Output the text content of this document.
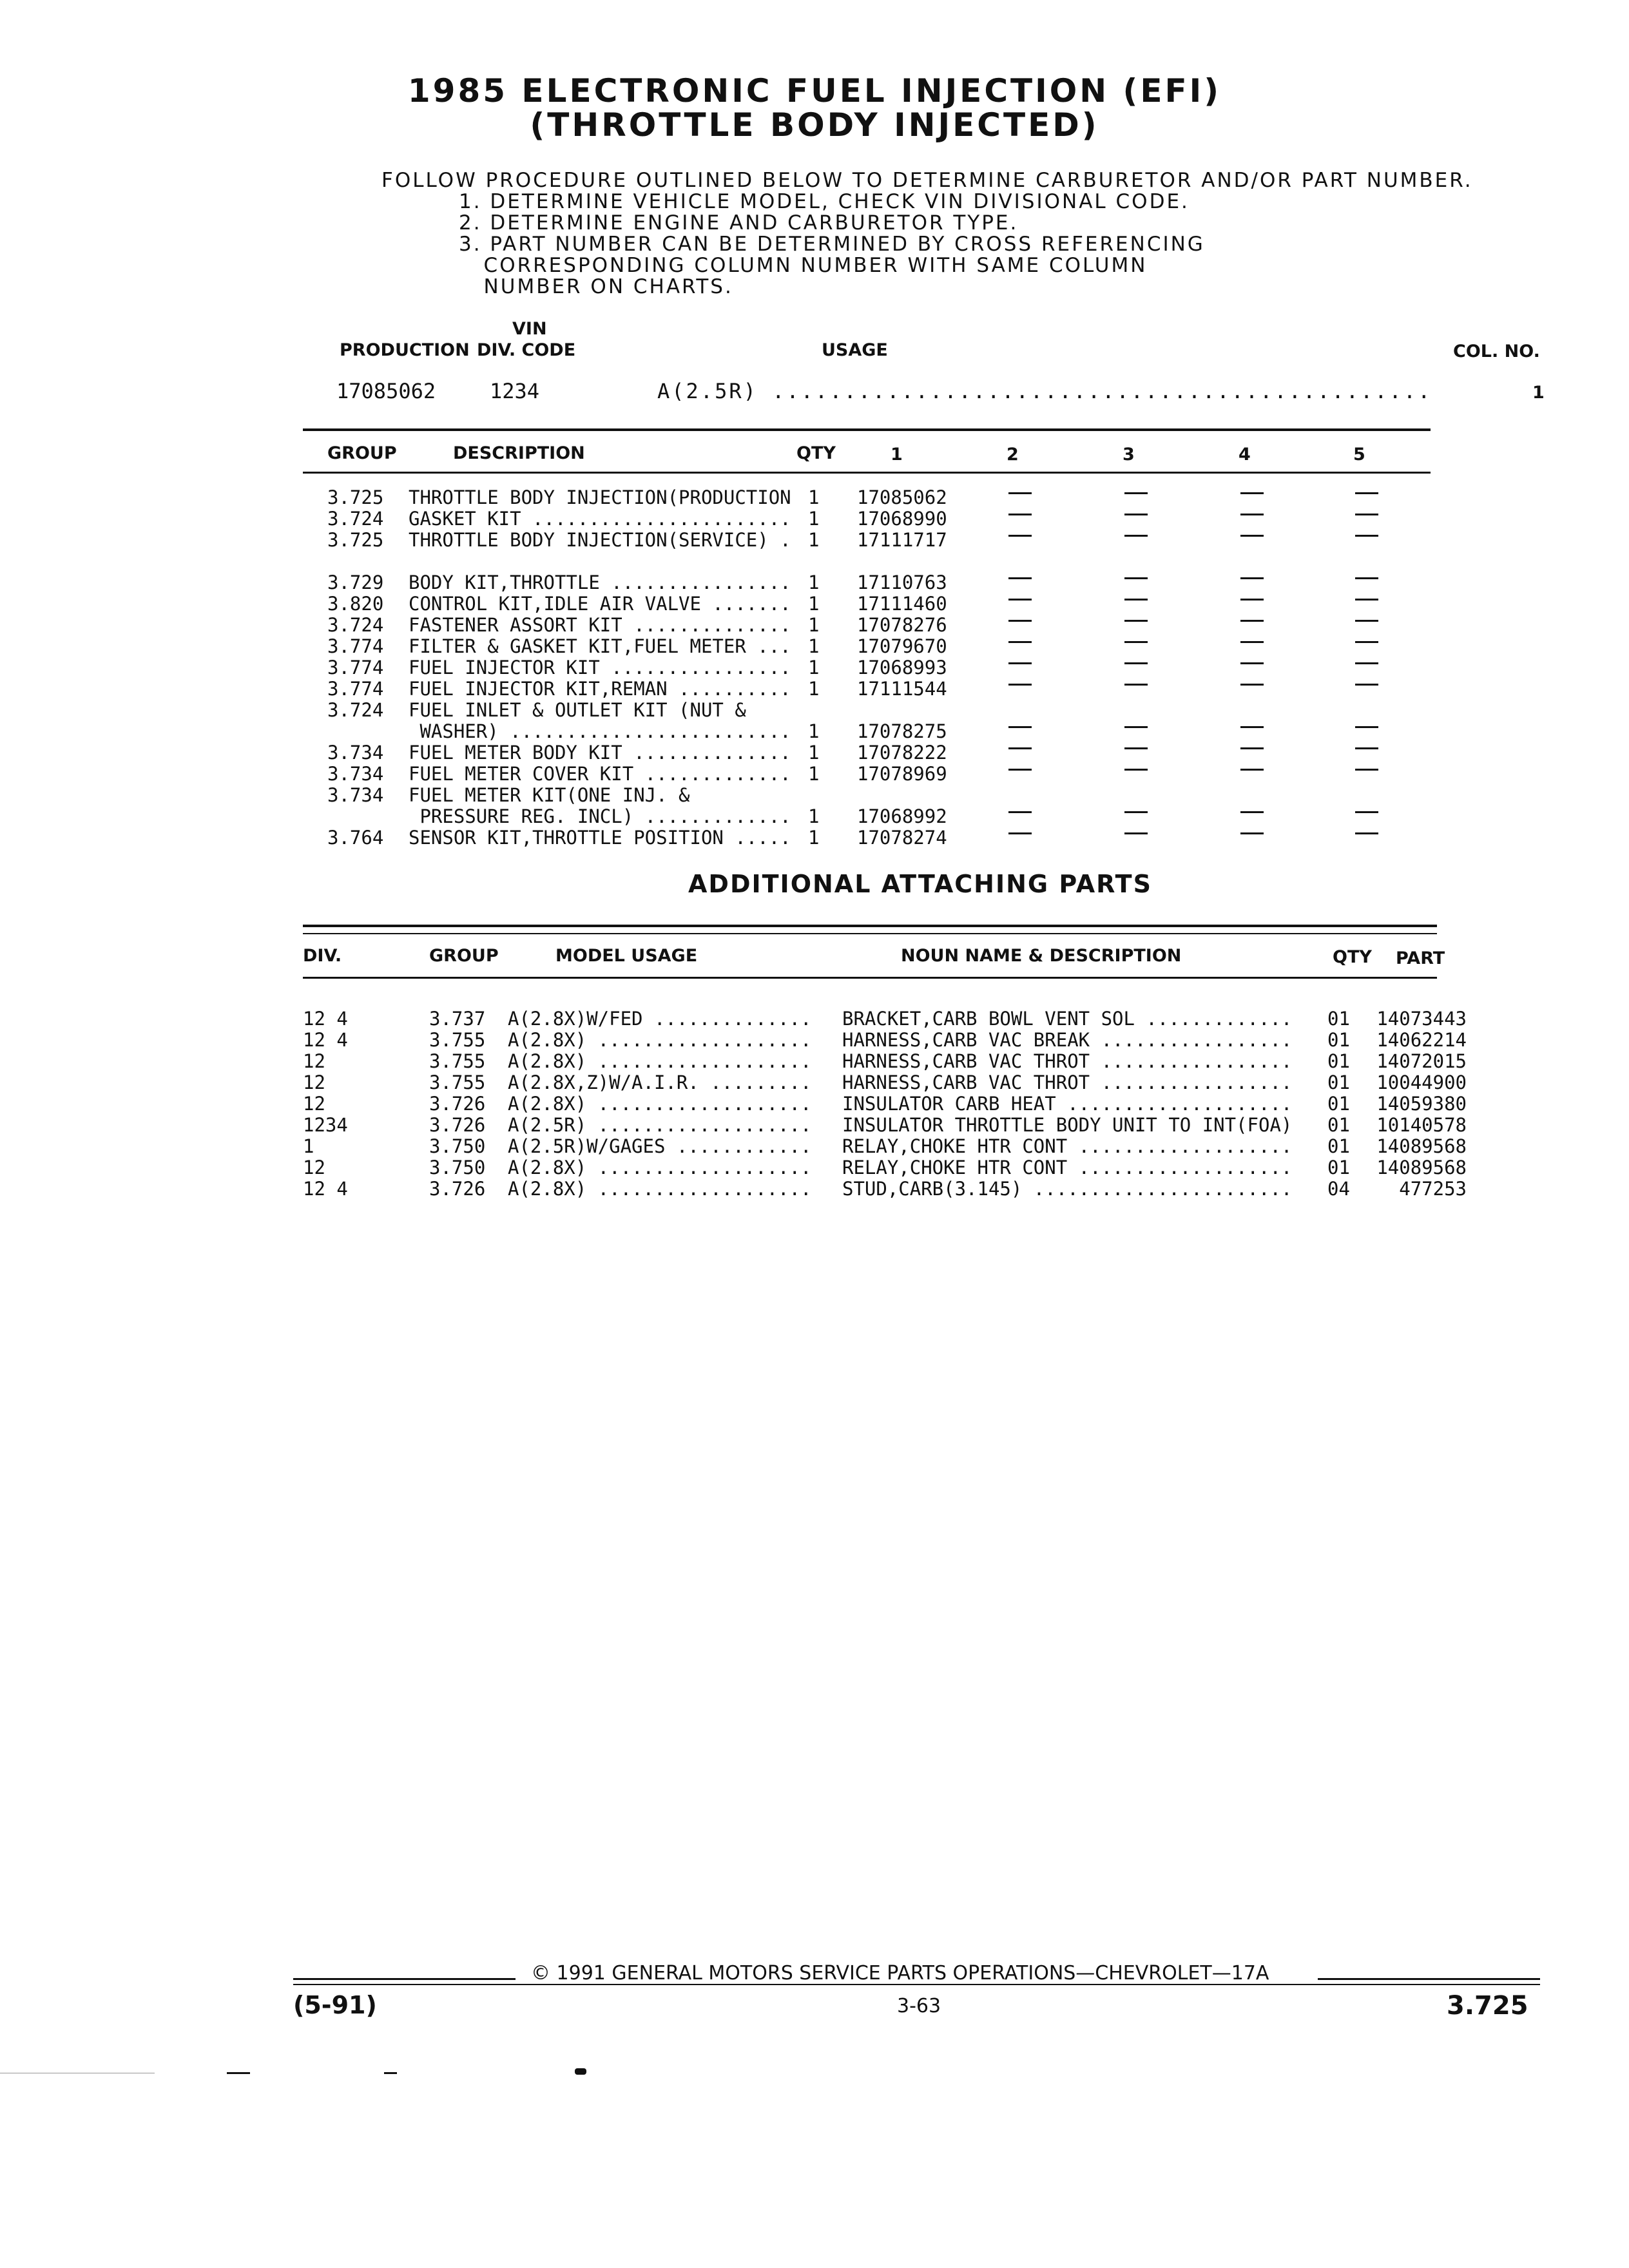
1985 ELECTRONIC FUEL INJECTION (EFI)
(THROTTLE BODY INJECTED)
FOLLOW PROCEDURE OUTLINED BELOW TO DETERMINE CARBURETOR AND/OR PART NUMBER.
1. DETERMINE VEHICLE MODEL, CHECK VIN DIVISIONAL CODE.
2. DETERMINE ENGINE AND CARBURETOR TYPE.
3. PART NUMBER CAN BE DETERMINED BY CROSS REFERENCING
CORRESPONDING COLUMN NUMBER WITH SAME COLUMN
NUMBER ON CHARTS.
VIN
PRODUCTION DIV. CODE	USAGE	COL. NO.
17085062	1234	A(2.5R) ..............................................	1
GROUP	DESCRIPTION	QTY	1	2	3	4	5
3.725 THROTTLE BODY INJECTION(PRODUCTION 1 17085062
3.724 GASKET KIT ....................... 1 17068990
3.725 THROTTLE BODY INJECTION(SERVICE) . 1 17111717
3.729 BODY KIT,THROTTLE ................ 1 17110763
3.820 CONTROL KIT,IDLE AIR VALVE ....... 1 17111460
3.724 FASTENER ASSORT KIT .............. 1 17078276
3.774 FILTER & GASKET KIT,FUEL METER ... 1 17079670
3.774 FUEL INJECTOR KIT ................ 1 17068993
3.774 FUEL INJECTOR KIT,REMAN .......... 1 17111544
3.724 FUEL INLET & OUTLET KIT (NUT &
WASHER) ......................... 1 17078275
3.734 FUEL METER BODY KIT .............. 1 17078222
3.734 FUEL METER COVER KIT ............. 1 17078969
3.734 FUEL METER KIT(ONE INJ. &
PRESSURE REG. INCL) ............. 1 17068992
3.764 SENSOR KIT,THROTTLE POSITION ..... 1 17078274
ADDITIONAL ATTACHING PARTS
DIV.	GROUP	MODEL USAGE	NOUN NAME & DESCRIPTION	QTY PART
12 4	3.737 A(2.8X)W/FED .............. BRACKET,CARB BOWL VENT SOL ............. 01 14073443
12 4	3.755 A(2.8X) ................... HARNESS,CARB VAC BREAK ................. 01 14062214
12	3.755 A(2.8X) ................... HARNESS,CARB VAC THROT ................. 01 14072015
12	3.755 A(2.8X,Z)W/A.I.R. ......... HARNESS,CARB VAC THROT ................. 01 10044900
12	3.726 A(2.8X) ................... INSULATOR CARB HEAT .................... 01 14059380
1234	3.726 A(2.5R) ................... INSULATOR THROTTLE BODY UNIT TO INT(FOA) 01 10140578
1	3.750 A(2.5R)W/GAGES ............ RELAY,CHOKE HTR CONT ................... 01 14089568
12	3.750 A(2.8X) ................... RELAY,CHOKE HTR CONT ................... 01 14089568
12 4	3.726 A(2.8X) ................... STUD,CARB(3.145) ....................... 04	477253
© 1991 GENERAL MOTORS SERVICE PARTS OPERATIONS—CHEVROLET—17A
(5-91)	3-63	3.725
